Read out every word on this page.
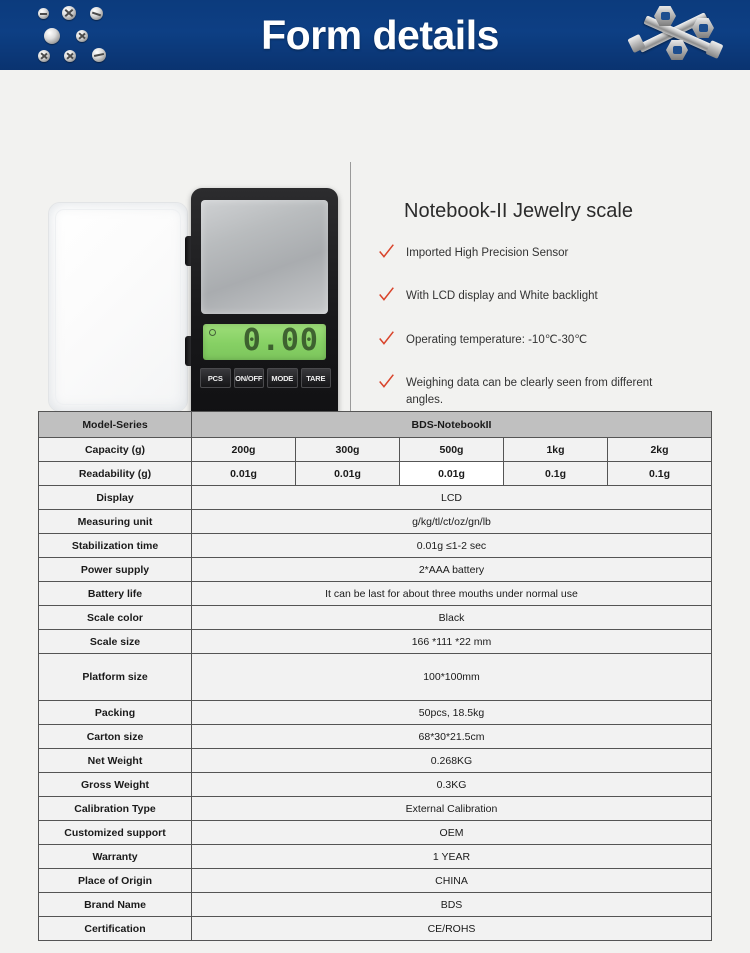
Form details
0.00
PCS	ON/OFF	MODE	TARE
Notebook-II Jewelry scale
Imported High Precision Sensor
With LCD display and White backlight
Operating temperature: -10℃-30℃
Weighing data can be clearly seen from different angles.
Model-Series	BDS-NotebookII				
Capacity (g)	200g	300g	500g	1kg	2kg
Readability (g)	0.01g	0.01g	0.01g	0.1g	0.1g
Display	LCD				
Measuring unit	g/kg/tl/ct/oz/gn/lb				
Stabilization time	0.01g ≤1-2 sec				
Power supply	2*AAA battery				
Battery life	It can be last for about three mouths under normal use				
Scale color	Black				
Scale size	166 *111 *22 mm				
Platform size	100*100mm				
Packing	50pcs, 18.5kg				
Carton size	68*30*21.5cm				
Net Weight	0.268KG				
Gross Weight	0.3KG				
Calibration Type	External Calibration				
Customized support	OEM				
Warranty	1 YEAR				
Place of Origin	CHINA				
Brand Name	BDS				
Certification	CE/ROHS				
